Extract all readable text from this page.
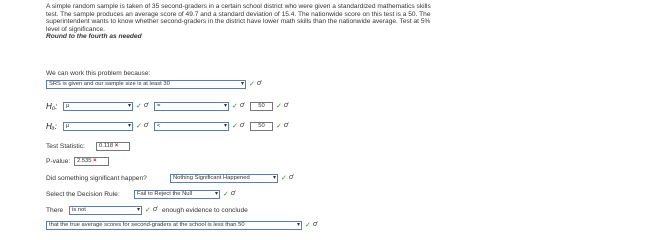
A simple random sample is taken of 35 second-graders in a certain school district who were given a standardized mathematics skills test. The sample produces an average score of 49.7 and a standard deviation of 15.4. The nationwide score on this test is a 50. The superintendent wants to know whether second-graders in the district have lower math skills than the nationwide average. Test at 5% level of significance.
Round to the fourth as needed
We can work this problem because:
SRS is given and our sample size is at least 30	▾ ✓ σ̇
H₀:	μ	▾ ✓ σ̇	=	▾ ✓ σ̇	50	✓ σ̇
Hₐ:	μ	▾ ✓ σ̇	<	▾ ✓ σ̇	50	✓ σ̇
Test Statistic:	0.118 ×
P-value:	2.535 ×
Did something significant happen?	Nothing Significant Happened	▾ ✓ σ̇
Select the Decision Rule:	Fail to Reject the Null	▾ ✓ σ̇
There	is not	▾ ✓ σ̇ enough evidence to conclude
that the true average scores for second-graders at the school is less than 50	▾ ✓ σ̇
